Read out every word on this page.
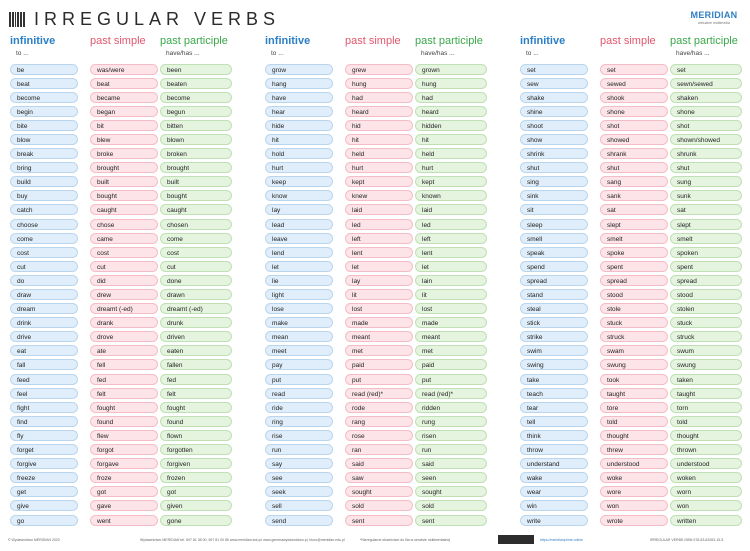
IRREGULAR VERBS	MERIDIAN
wirtualne multimedia
infinitive	past simple past participle
to ...	have/has ...
be	was/were	been
beat	beat	beaten
become	became	become
begin	began	begun
bite	bit	bitten
blow	blew	blown
break	broke	broken
bring	brought	brought
build	built	built
buy	bought	bought
catch	caught	caught
choose	chose	chosen
come	came	come
cost	cost	cost
cut	cut	cut
do	did	done
draw	drew	drawn
dream	dreamt (-ed)	dreamt (-ed)
drink	drank	drunk
drive	drove	driven
eat	ate	eaten
fall	fell	fallen
feed	fed	fed
feel	felt	felt
fight	fought	fought
find	found	found
fly	flew	flown
forget	forgot	forgotten
forgive	forgave	forgiven
freeze	froze	frozen
get	got	got
give	gave	given
go	went	gone
infinitive	past simple past participle
to ...	have/has ...
grow	grew	grown
hang	hung	hung
have	had	had
hear	heard	heard
hide	hid	hidden
hit	hit	hit
hold	held	held
hurt	hurt	hurt
keep	kept	kept
know	knew	known
lay	laid	laid
lead	led	led
leave	left	left
lend	lent	lent
let	let	let
lie	lay	lain
light	lit	lit
lose	lost	lost
make	made	made
mean	meant	meant
meet	met	met
pay	paid	paid
put	put	put
read	read (red)*	read (red)*
ride	rode	ridden
ring	rang	rung
rise	rose	risen
run	ran	run
say	said	said
see	saw	seen
seek	sought	sought
sell	sold	sold
send	sent	sent
infinitive	past simple past participle
to ...	have/has ...
set	set	set
sew	sewed	sewn/sewed
shake	shook	shaken
shine	shone	shone
shoot	shot	shot
show	showed	shown/showed
shrink	shrank	shrunk
shut	shut	shut
sing	sang	sung
sink	sank	sunk
sit	sat	sat
sleep	slept	slept
smell	smelt	smelt
speak	spoke	spoken
spend	spent	spent
spread	spread	spread
stand	stood	stood
steal	stole	stolen
stick	stuck	stuck
strike	struck	struck
swim	swam	swum
swing	swung	swung
take	took	taken
teach	taught	taught
tear	tore	torn
tell	told	told
think	thought	thought
throw	threw	thrown
understand	understood	understood
wake	woke	woken
wear	wore	worn
win	won	won
write	wrote	written
© Wydawnictwo MERIDIAN 2020	Wydawnictwo MERIDIAN tel. 697 81 38 00, 697 81 00 85 www.meridian.edu.pl www.gemmawydawnictwo.pl, biuro@meridian.edu.pl	*Nieregularne słownictwo do fila w serwisie multimedialnej	https://meridianprime.online	IRREGULAR VERBS ISBN 978-83-63263-15-5
